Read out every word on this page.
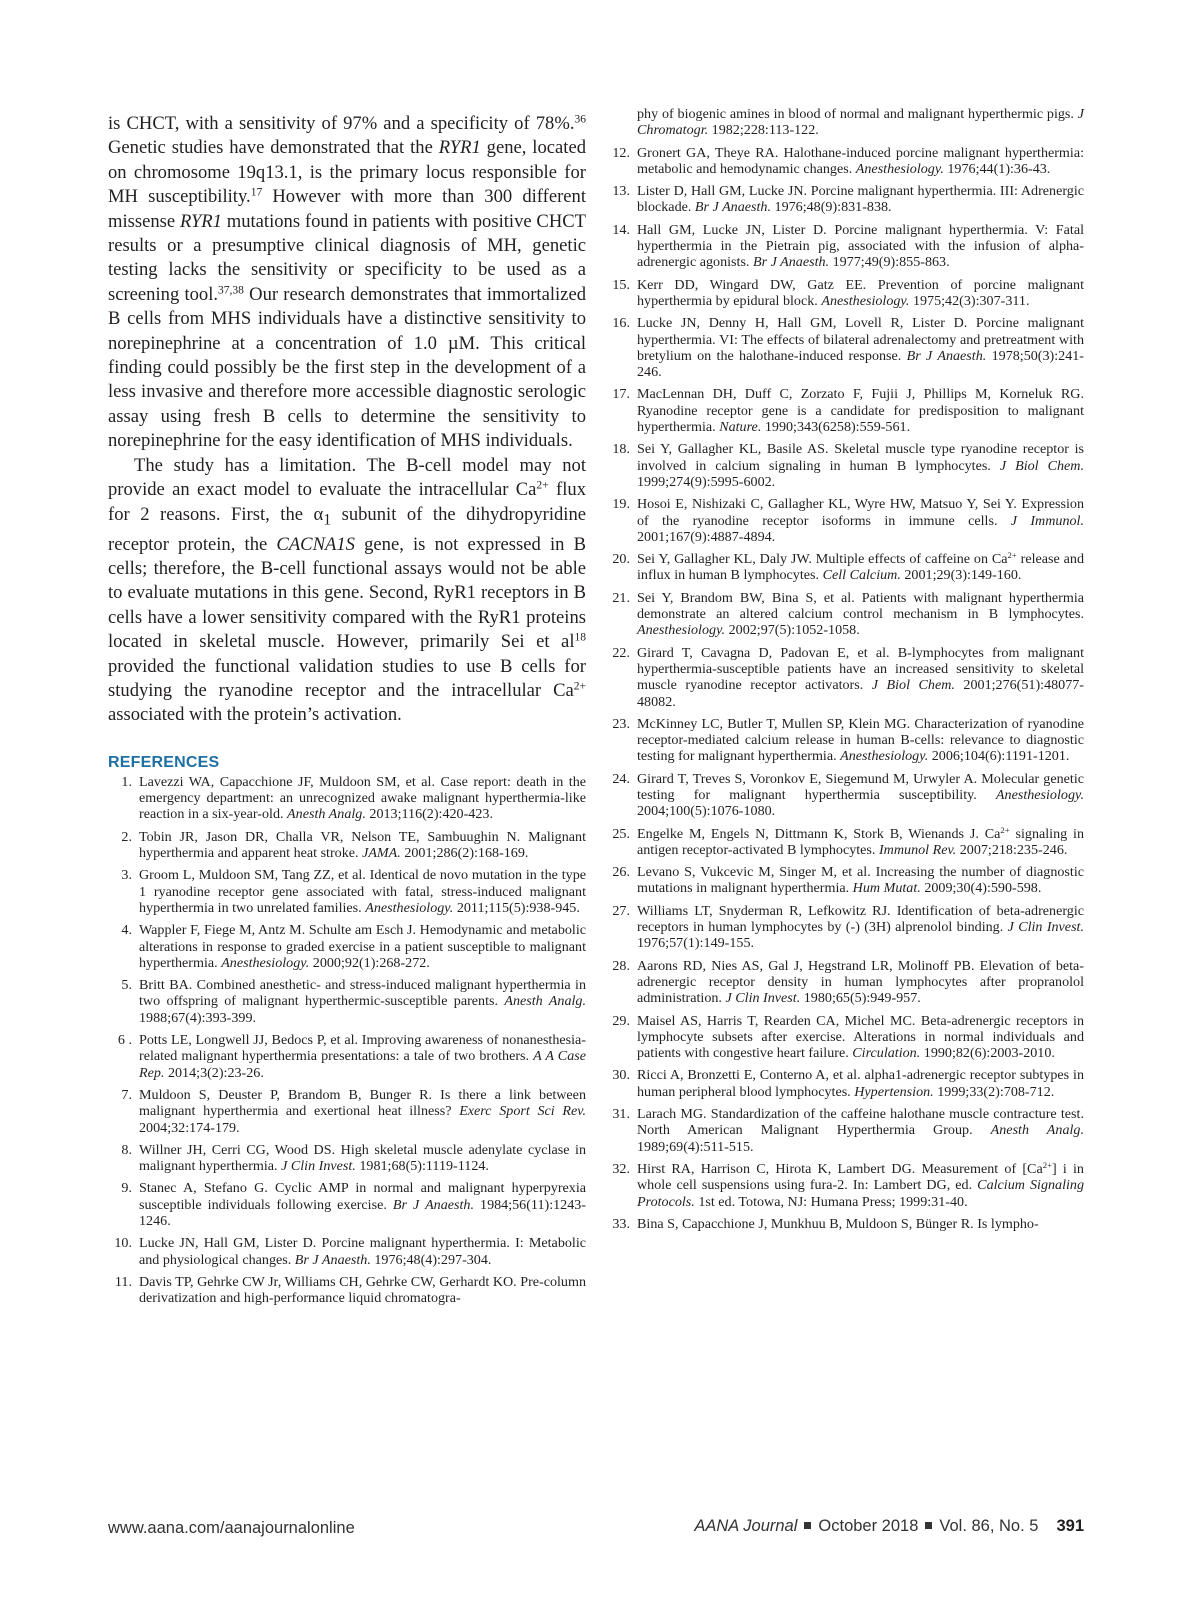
is CHCT, with a sensitivity of 97% and a specificity of 78%.$^{36}$ Genetic studies have demonstrated that the RYR1 gene, located on chromosome 19q13.1, is the primary locus responsible for MH susceptibility.$^{17}$ However with more than 300 different missense RYR1 mutations found in patients with positive CHCT results or a presumptive clinical diagnosis of MH, genetic testing lacks the sensitivity or specificity to be used as a screening tool.$^{37,38}$ Our research demonstrates that immortalized B cells from MHS individuals have a distinctive sensitivity to norepinephrine at a concentration of 1.0 µM. This critical finding could possibly be the first step in the development of a less invasive and therefore more accessible diagnostic serologic assay using fresh B cells to determine the sensitivity to norepinephrine for the easy identification of MHS individuals.

The study has a limitation. The B-cell model may not provide an exact model to evaluate the intracellular $Ca^{2+}$ flux for 2 reasons. First, the $\alpha_1$ subunit of the dihydropyridine receptor protein, the CACNA1S gene, is not expressed in B cells; therefore, the B-cell functional assays would not be able to evaluate mutations in this gene. Second, RyR1 receptors in B cells have a lower sensitivity compared with the RyR1 proteins located in skeletal muscle. However, primarily Sei et $al^{18}$ provided the functional validation studies to use B cells for studying the ryanodine receptor and the intracellular $Ca^{2+}$ associated with the protein’s activation.

REFERENCES
1. Lavezzi WA, Capacchione JF, Muldoon SM, et al. Case report: death in the emergency department: an unrecognized awake malignant hyperthermia-like reaction in a six-year-old. Anesth Analg. 2013;116(2):420-423.
2. Tobin JR, Jason DR, Challa VR, Nelson TE, Sambuughin N. Malignant hyperthermia and apparent heat stroke. JAMA. 2001;286(2):168-169.
3. Groom L, Muldoon SM, Tang ZZ, et al. Identical de novo mutation in the type 1 ryanodine receptor gene associated with fatal, stress-induced malignant hyperthermia in two unrelated families. Anesthesiology. 2011;115(5):938-945.
4. Wappler F, Fiege M, Antz M. Schulte am Esch J. Hemodynamic and metabolic alterations in response to graded exercise in a patient susceptible to malignant hyperthermia. Anesthesiology. 2000;92(1):268-272.
5. Britt BA. Combined anesthetic- and stress-induced malignant hyperthermia in two offspring of malignant hyperthermic-susceptible parents. Anesth Analg. 1988;67(4):393-399.
6 . Potts LE, Longwell JJ, Bedocs P, et al. Improving awareness of nonanesthesia-related malignant hyperthermia presentations: a tale of two brothers. A A Case Rep. 2014;3(2):23-26.
7. Muldoon S, Deuster P, Brandom B, Bunger R. Is there a link between malignant hyperthermia and exertional heat illness? Exerc Sport Sci Rev. 2004;32:174-179.
8. Willner JH, Cerri CG, Wood DS. High skeletal muscle adenylate cyclase in malignant hyperthermia. J Clin Invest. 1981;68(5):1119-1124.
9. Stanec A, Stefano G. Cyclic AMP in normal and malignant hyperpyrexia susceptible individuals following exercise. Br J Anaesth. 1984;56(11):1243-1246.
10. Lucke JN, Hall GM, Lister D. Porcine malignant hyperthermia. I: Metabolic and physiological changes. Br J Anaesth. 1976;48(4):297-304.
11. Davis TP, Gehrke CW Jr, Williams CH, Gehrke CW, Gerhardt KO. Pre-column derivatization and high-performance liquid chromatogra-
phy of biogenic amines in blood of normal and malignant hyperthermic pigs. J Chromatogr. 1982;228:113-122.
12. Gronert GA, Theye RA. Halothane-induced porcine malignant hyperthermia: metabolic and hemodynamic changes. Anesthesiology. 1976;44(1):36-43.
13. Lister D, Hall GM, Lucke JN. Porcine malignant hyperthermia. III: Adrenergic blockade. Br J Anaesth. 1976;48(9):831-838.
14. Hall GM, Lucke JN, Lister D. Porcine malignant hyperthermia. V: Fatal hyperthermia in the Pietrain pig, associated with the infusion of alpha-adrenergic agonists. Br J Anaesth. 1977;49(9):855-863.
15. Kerr DD, Wingard DW, Gatz EE. Prevention of porcine malignant hyperthermia by epidural block. Anesthesiology. 1975;42(3):307-311.
16. Lucke JN, Denny H, Hall GM, Lovell R, Lister D. Porcine malignant hyperthermia. VI: The effects of bilateral adrenalectomy and pretreatment with bretylium on the halothane-induced response. Br J Anaesth. 1978;50(3):241-246.
17. MacLennan DH, Duff C, Zorzato F, Fujii J, Phillips M, Korneluk RG. Ryanodine receptor gene is a candidate for predisposition to malignant hyperthermia. Nature. 1990;343(6258):559-561.
18. Sei Y, Gallagher KL, Basile AS. Skeletal muscle type ryanodine receptor is involved in calcium signaling in human B lymphocytes. J Biol Chem. 1999;274(9):5995-6002.
19. Hosoi E, Nishizaki C, Gallagher KL, Wyre HW, Matsuo Y, Sei Y. Expression of the ryanodine receptor isoforms in immune cells. J Immunol. 2001;167(9):4887-4894.
20. Sei Y, Gallagher KL, Daly JW. Multiple effects of caffeine on $Ca^{2+}$ release and influx in human B lymphocytes. Cell Calcium. 2001;29(3):149-160.
21. Sei Y, Brandom BW, Bina S, et al. Patients with malignant hyperthermia demonstrate an altered calcium control mechanism in B lymphocytes. Anesthesiology. 2002;97(5):1052-1058.
22. Girard T, Cavagna D, Padovan E, et al. B-lymphocytes from malignant hyperthermia-susceptible patients have an increased sensitivity to skeletal muscle ryanodine receptor activators. J Biol Chem. 2001;276(51):48077-48082.
23. McKinney LC, Butler T, Mullen SP, Klein MG. Characterization of ryanodine receptor-mediated calcium release in human B-cells: relevance to diagnostic testing for malignant hyperthermia. Anesthesiology. 2006;104(6):1191-1201.
24. Girard T, Treves S, Voronkov E, Siegemund M, Urwyler A. Molecular genetic testing for malignant hyperthermia susceptibility. Anesthesiology. 2004;100(5):1076-1080.
25. Engelke M, Engels N, Dittmann K, Stork B, Wienands J. $Ca^{2+}$ signaling in antigen receptor-activated B lymphocytes. Immunol Rev. 2007;218:235-246.
26. Levano S, Vukcevic M, Singer M, et al. Increasing the number of diagnostic mutations in malignant hyperthermia. Hum Mutat. 2009;30(4):590-598.
27. Williams LT, Snyderman R, Lefkowitz RJ. Identification of beta-adrenergic receptors in human lymphocytes by (-) (3H) alprenolol binding. J Clin Invest. 1976;57(1):149-155.
28. Aarons RD, Nies AS, Gal J, Hegstrand LR, Molinoff PB. Elevation of beta-adrenergic receptor density in human lymphocytes after propranolol administration. J Clin Invest. 1980;65(5):949-957.
29. Maisel AS, Harris T, Rearden CA, Michel MC. Beta-adrenergic receptors in lymphocyte subsets after exercise. Alterations in normal individuals and patients with congestive heart failure. Circulation. 1990;82(6):2003-2010.
30. Ricci A, Bronzetti E, Conterno A, et al. alpha1-adrenergic receptor subtypes in human peripheral blood lymphocytes. Hypertension. 1999;33(2):708-712.
31. Larach MG. Standardization of the caffeine halothane muscle contracture test. North American Malignant Hyperthermia Group. Anesth Analg. 1989;69(4):511-515.
32. Hirst RA, Harrison C, Hirota K, Lambert DG. Measurement of $[Ca^{2+}]$ i in whole cell suspensions using fura-2. In: Lambert DG, ed. Calcium Signaling Protocols. 1st ed. Totowa, NJ: Humana Press; 1999:31-40.
33. Bina S, Capacchione J, Munkhuu B, Muldoon S, Bünger R. Is lympho-
www.aana.com/aanajournalonline	AANA Journal October 2018 Vol. 86, No. 5 391
